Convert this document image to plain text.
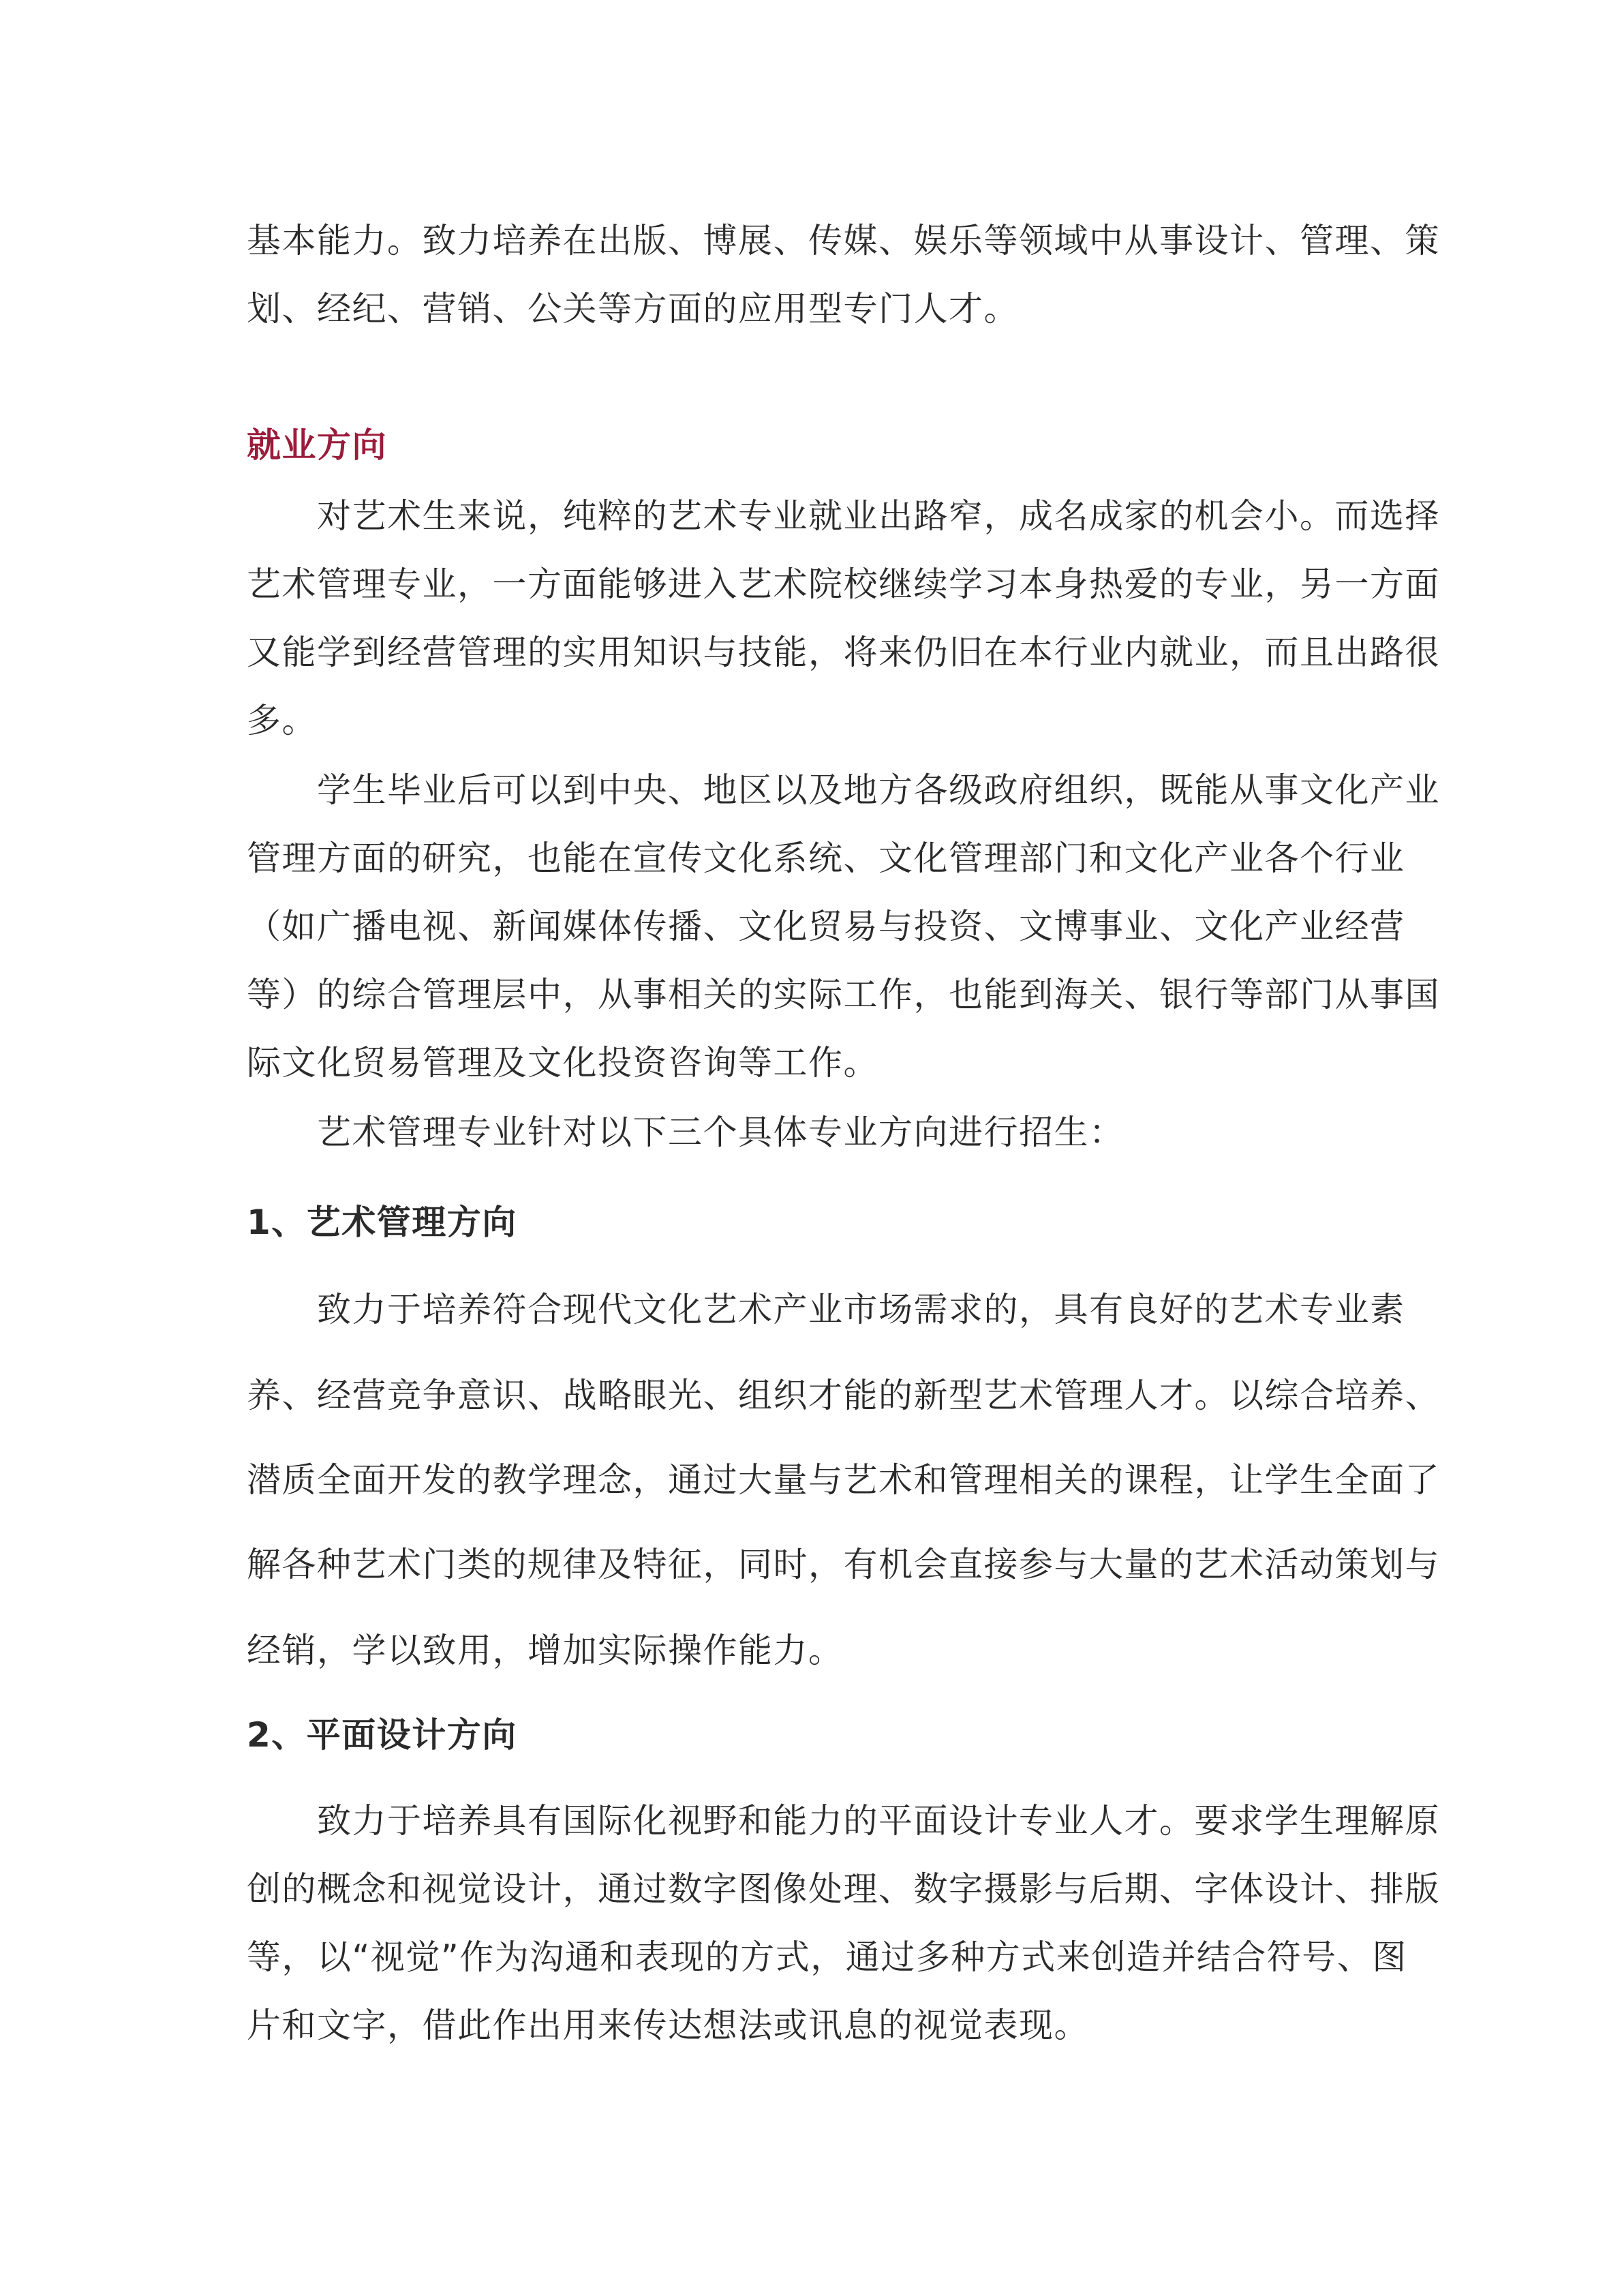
基本能力。致力培养在出版、博展、传媒、娱乐等领域中从事设计、管理、策
划、经纪、营销、公关等方面的应用型专门人才。
就业方向
　　对艺术生来说，纯粹的艺术专业就业出路窄，成名成家的机会小。而选择
艺术管理专业，一方面能够进入艺术院校继续学习本身热爱的专业，另一方面
又能学到经营管理的实用知识与技能，将来仍旧在本行业内就业，而且出路很
多。
　　学生毕业后可以到中央、地区以及地方各级政府组织，既能从事文化产业
管理方面的研究，也能在宣传文化系统、文化管理部门和文化产业各个行业
（如广播电视、新闻媒体传播、文化贸易与投资、文博事业、文化产业经营
等）的综合管理层中，从事相关的实际工作，也能到海关、银行等部门从事国
际文化贸易管理及文化投资咨询等工作。
　　艺术管理专业针对以下三个具体专业方向进行招生：
1、艺术管理方向
　　致力于培养符合现代文化艺术产业市场需求的，具有良好的艺术专业素
养、经营竞争意识、战略眼光、组织才能的新型艺术管理人才。以综合培养、
潜质全面开发的教学理念，通过大量与艺术和管理相关的课程，让学生全面了
解各种艺术门类的规律及特征，同时，有机会直接参与大量的艺术活动策划与
经销，学以致用，增加实际操作能力。
2、平面设计方向
　　致力于培养具有国际化视野和能力的平面设计专业人才。要求学生理解原
创的概念和视觉设计，通过数字图像处理、数字摄影与后期、字体设计、排版
等，以“视觉”作为沟通和表现的方式，通过多种方式来创造并结合符号、图
片和文字，借此作出用来传达想法或讯息的视觉表现。
